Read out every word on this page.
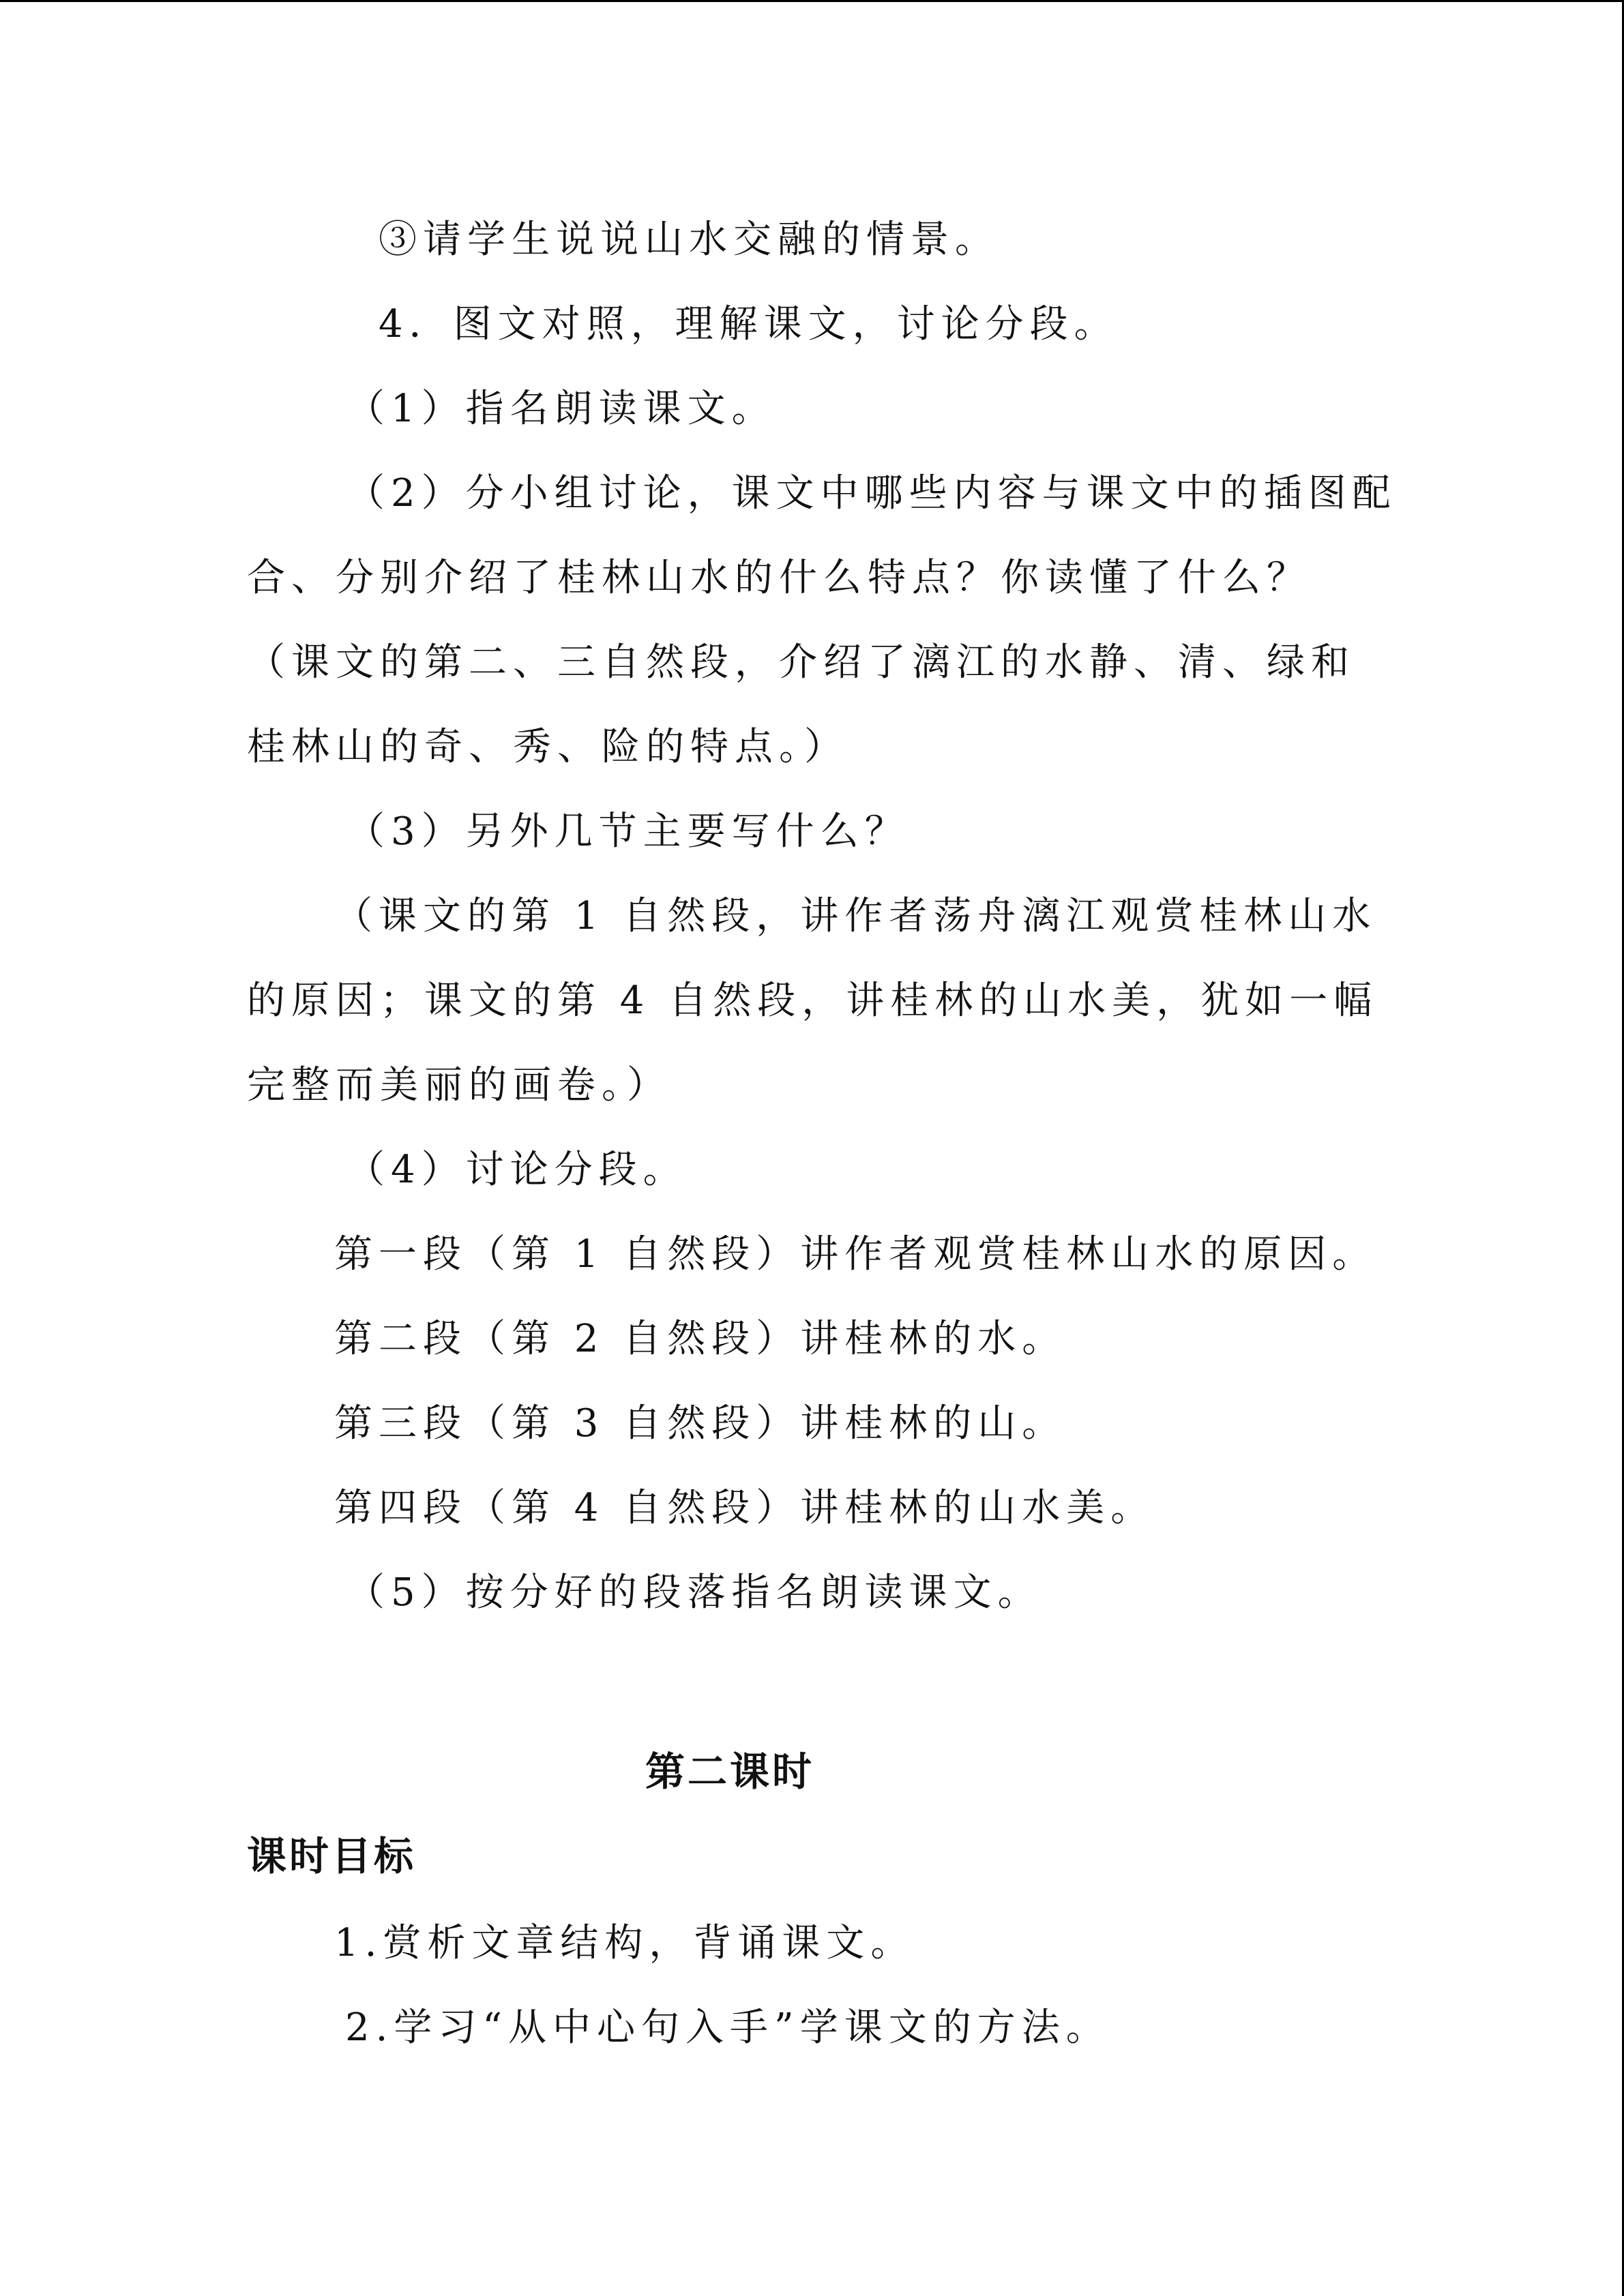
③请学生说说山水交融的情景。
4．图文对照，理解课文，讨论分段。
（1）指名朗读课文。
（2）分小组讨论，课文中哪些内容与课文中的插图配
合、分别介绍了桂林山水的什么特点？你读懂了什么？
（课文的第二、三自然段，介绍了漓江的水静、清、绿和
桂林山的奇、秀、险的特点。）
（3）另外几节主要写什么？
（课文的第 1 自然段，讲作者荡舟漓江观赏桂林山水
的原因；课文的第 4 自然段，讲桂林的山水美，犹如一幅
完整而美丽的画卷。）
（4）讨论分段。
第一段（第 1 自然段）讲作者观赏桂林山水的原因。
第二段（第 2 自然段）讲桂林的水。
第三段（第 3 自然段）讲桂林的山。
第四段（第 4 自然段）讲桂林的山水美。
（5）按分好的段落指名朗读课文。
第二课时
课时目标
1.赏析文章结构，背诵课文。
2.学习“从中心句入手”学课文的方法。
